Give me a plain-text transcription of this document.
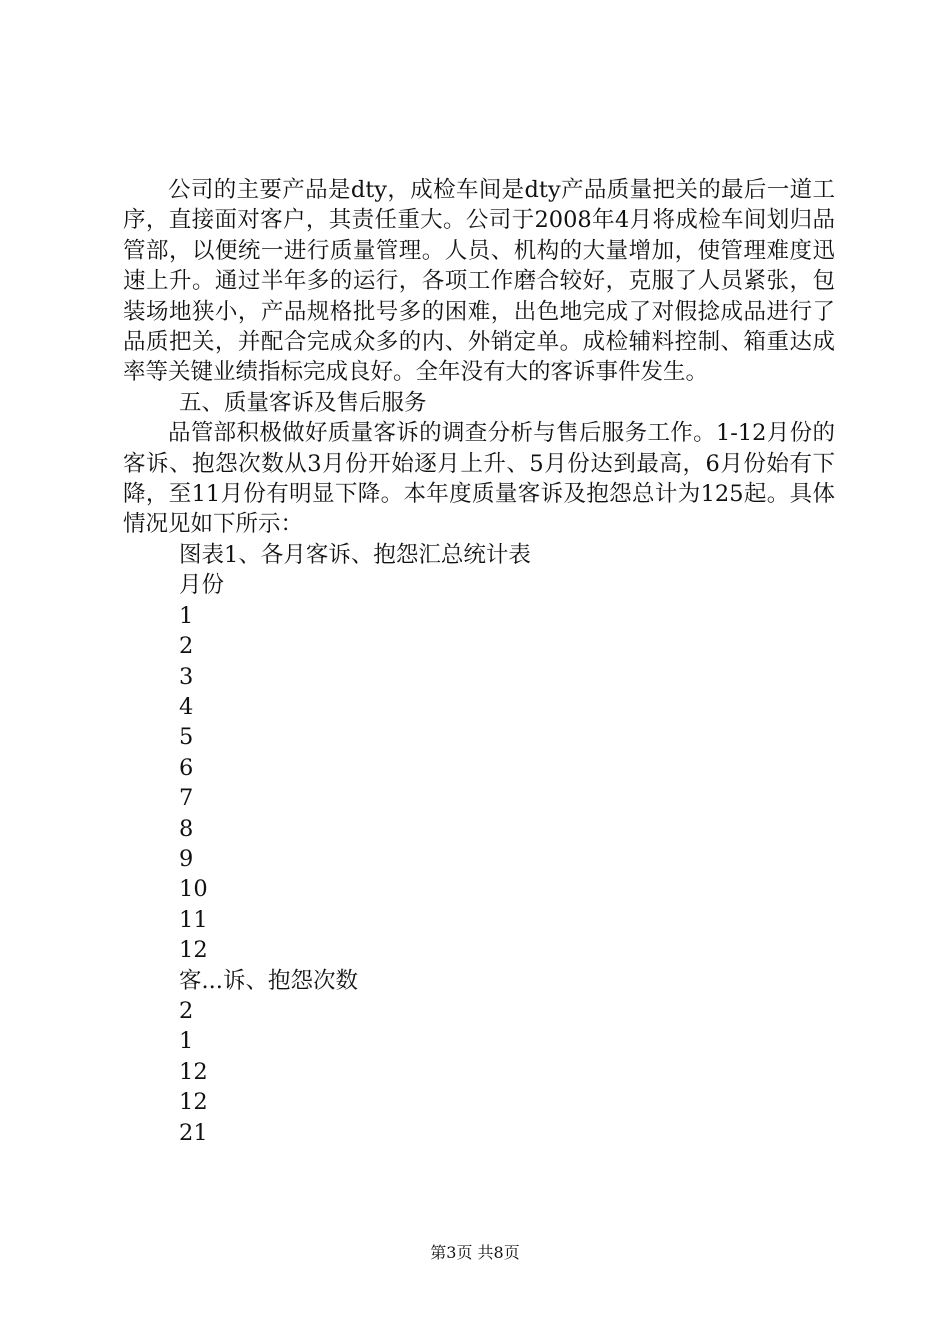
公司的主要产品是dty，成检车间是dty产品质量把关的最后一道工序，直接面对客户，其责任重大。公司于2008年4月将成检车间划归品管部，以便统一进行质量管理。人员、机构的大量增加，使管理难度迅速上升。通过半年多的运行，各项工作磨合较好，克服了人员紧张，包装场地狭小，产品规格批号多的困难，出色地完成了对假捻成品进行了品质把关，并配合完成众多的内、外销定单。成检辅料控制、箱重达成率等关键业绩指标完成良好。全年没有大的客诉事件发生。

五、质量客诉及售后服务

品管部积极做好质量客诉的调查分析与售后服务工作。1-12月份的客诉、抱怨次数从3月份开始逐月上升、5月份达到最高，6月份始有下降，至11月份有明显下降。本年度质量客诉及抱怨总计为125起。具体情况见如下所示：

图表1、各月客诉、抱怨汇总统计表

月份

1

2

3

4

5

6

7

8

9

10

11

12

客...诉、抱怨次数

2

1

12

12

21

第3页 共8页
